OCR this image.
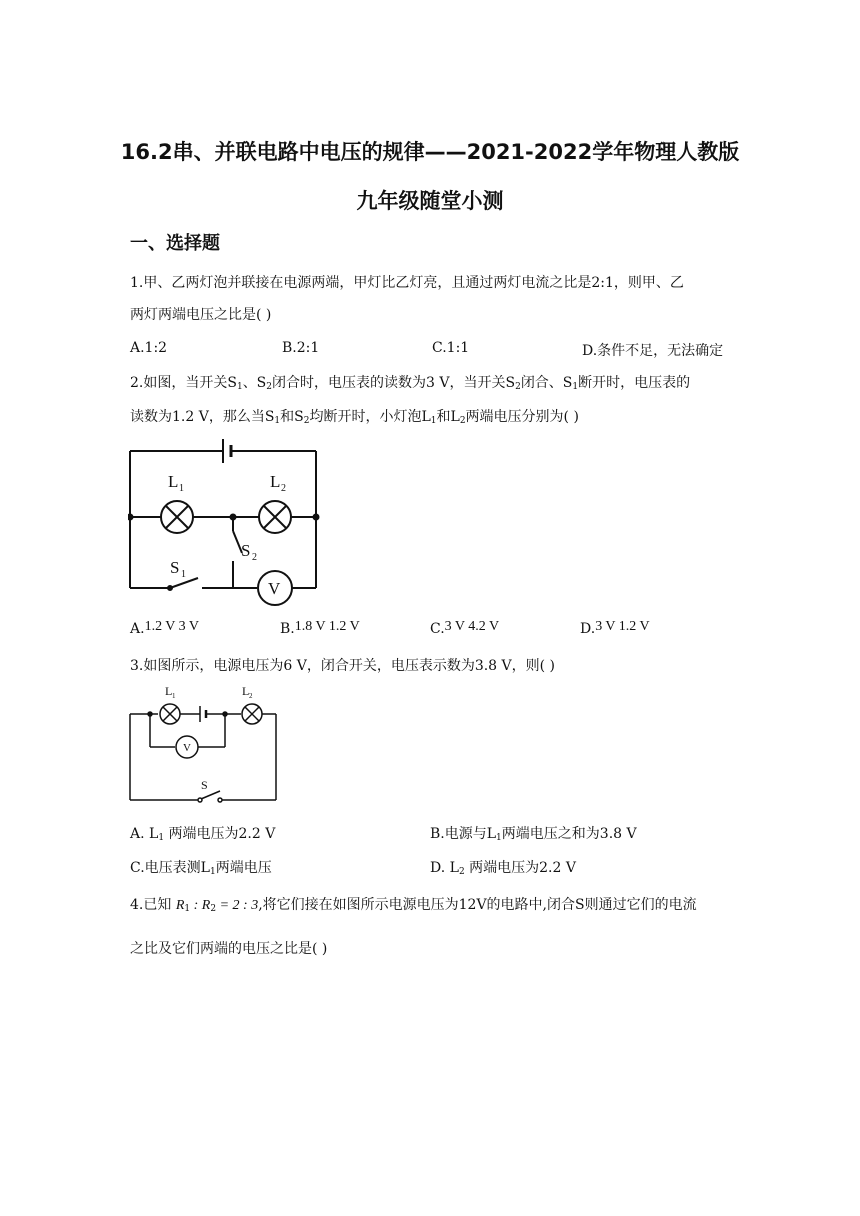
16.2串、并联电路中电压的规律——2021-2022学年物理人教版
九年级随堂小测
一、选择题
1.甲、乙两灯泡并联接在电源两端，甲灯比乙灯亮，且通过两灯电流之比是2:1，则甲、乙
两灯两端电压之比是( )
A.1:2	B.2:1	C.1:1	D.条件不足，无法确定
2.如图，当开关$S_1$、$S_2$闭合时，电压表的读数为3 V，当开关$S_2$闭合、$S_1$断开时，电压表的
读数为1.2 V，那么当$S_1$和$S_2$均断开时，小灯泡$L_1$和$L_2$两端电压分别为( )
L 1	L 2
S 2
S 1
V
A.1.2 V 3 V	B.1.8 V 1.2 V	C.3 V 4.2 V	D.3 V 1.2 V
3.如图所示，电源电压为6 V，闭合开关，电压表示数为3.8 V，则( )
L 1	L 2
V
S
A. $L_1$ 两端电压为2.2 V	B.电源与$L_1$两端电压之和为3.8 V
C.电压表测$L_1$两端电压	D. $L_2$ 两端电压为2.2 V
4.已知 $R_1$ : $R_2 = 2$ : 3,将它们接在如图所示电源电压为12V的电路中,闭合S则通过它们的电流
之比及它们两端的电压之比是( )
